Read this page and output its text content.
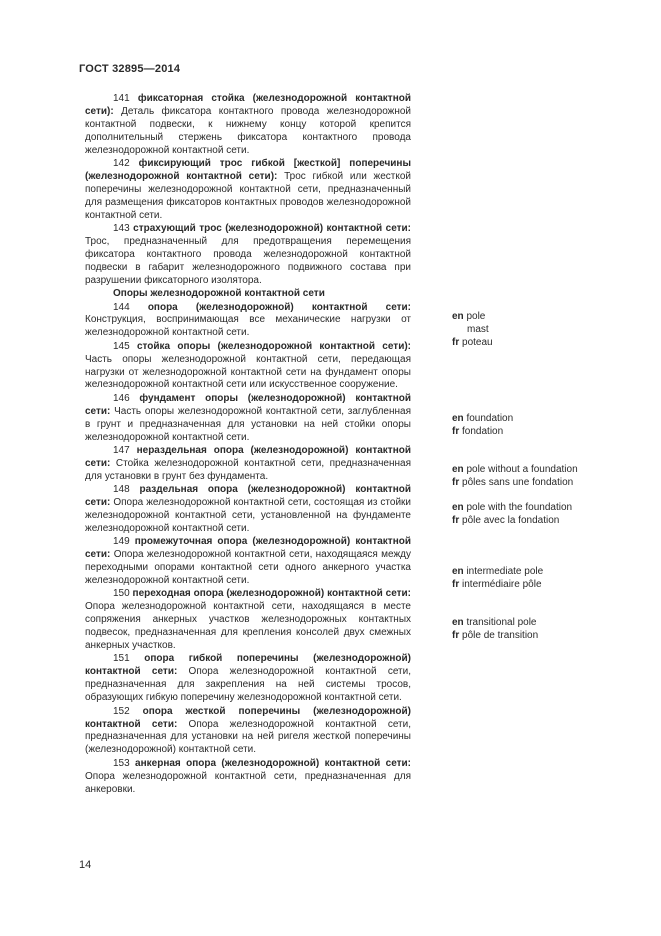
ГОСТ 32895—2014

141 фиксаторная стойка (железнодорожной контактной сети): Деталь фиксатора контактного провода железнодорожной контактной подвески, к нижнему концу которой крепится дополнительный стержень фиксатора контактного провода железнодорожной контактной сети.

142 фиксирующий трос гибкой [жесткой] поперечины (железнодорожной контактной сети): Трос гибкой или жесткой поперечины железнодорожной контактной сети, предназначенный для размещения фиксаторов контактных проводов железнодорожной контактной сети.

143 страхующий трос (железнодорожной) контактной сети: Трос, предназначенный для предотвращения перемещения фиксатора контактного провода железнодорожной контактной подвески в габарит железнодорожного подвижного состава при разрушении фиксаторного изолятора.

Опоры железнодорожной контактной сети

144 опора (железнодорожной) контактной сети: Конструкция, воспринимающая все механические нагрузки от железнодорожной контактной сети.

145 стойка опоры (железнодорожной контактной сети): Часть опоры железнодорожной контактной сети, передающая нагрузки от железнодорожной контактной сети на фундамент опоры железнодорожной контактной сети или искусственное сооружение.

146 фундамент опоры (железнодорожной) контактной сети: Часть опоры железнодорожной контактной сети, заглубленная в грунт и предназначенная для установки на ней стойки опоры железнодорожной контактной сети.

147 нераздельная опора (железнодорожной) контактной сети: Стойка железнодорожной контактной сети, предназначенная для установки в грунт без фундамента.

148 раздельная опора (железнодорожной) контактной сети: Опора железнодорожной контактной сети, состоящая из стойки железнодорожной контактной сети, установленной на фундаменте железнодорожной контактной сети.

149 промежуточная опора (железнодорожной) контактной сети: Опора железнодорожной контактной сети, находящаяся между переходными опорами контактной сети одного анкерного участка железнодорожной контактной сети.

150 переходная опора (железнодорожной) контактной сети: Опора железнодорожной контактной сети, находящаяся в месте сопряжения анкерных участков железнодорожных контактных подвесок, предназначенная для крепления консолей двух смежных анкерных участков.

151 опора гибкой поперечины (железнодорожной) контактной сети: Опора железнодорожной контактной сети, предназначенная для закрепления на ней системы тросов, образующих гибкую поперечину железнодорожной контактной сети.

152 опора жесткой поперечины (железнодорожной) контактной сети: Опора железнодорожной контактной сети, предназначенная для установки на ней ригеля жесткой поперечины (железнодорожной) контактной сети.

153 анкерная опора (железнодорожной) контактной сети: Опора железнодорожной контактной сети, предназначенная для анкеровки.

en pole
mast
fr poteau
en foundation
fr fondation
en pole without a foundation
fr pôles sans une fondation
en pole with the foundation
fr pôle avec la fondation
en intermediate pole
fr intermédiaire pôle
en transitional pole
fr pôle de transition
14
